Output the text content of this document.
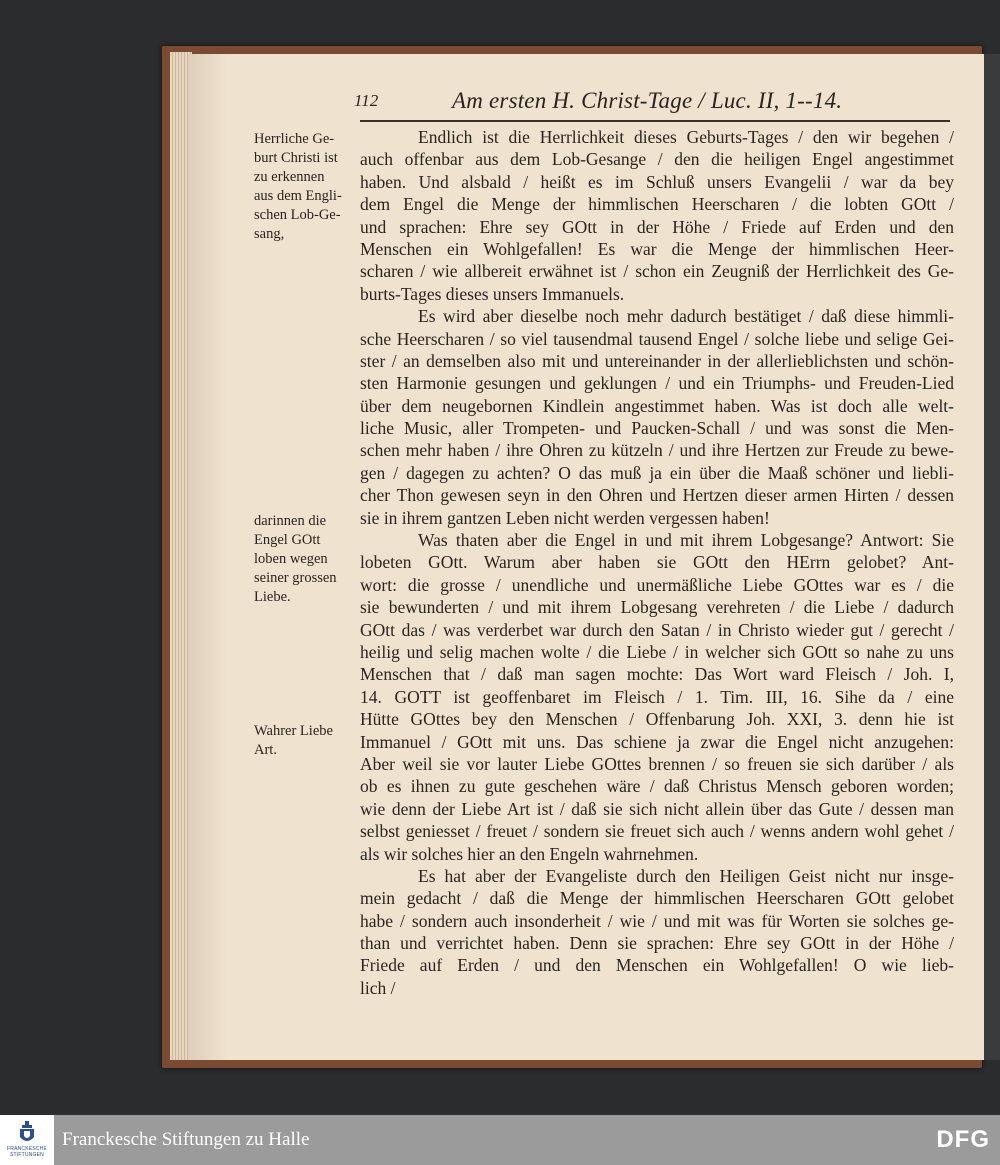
112	Am ersten H. Christ-Tage / Luc. II, 1--14.
Herrliche Ge-
burt Christi ist
zu erkennen
aus dem Engli-
schen Lob-Ge-
sang,
darinnen die
Engel GOtt
loben wegen
seiner grossen
Liebe.
Wahrer Liebe
Art.
Endlich ist die Herrlichkeit dieses Geburts-Tages / den wir begehen /
auch offenbar aus dem Lob-Gesange / den die heiligen Engel angestimmet
haben. Und alsbald / heißt es im Schluß unsers Evangelii / war da bey
dem Engel die Menge der himmlischen Heerscharen / die lobten GOtt /
und sprachen: Ehre sey GOtt in der Höhe / Friede auf Erden und den
Menschen ein Wohlgefallen! Es war die Menge der himmlischen Heer-
scharen / wie allbereit erwähnet ist / schon ein Zeugniß der Herrlichkeit des Ge-
burts-Tages dieses unsers Immanuels.
Es wird aber dieselbe noch mehr dadurch bestätiget / daß diese himmli-
sche Heerscharen / so viel tausendmal tausend Engel / solche liebe und selige Gei-
ster / an demselben also mit und untereinander in der allerlieblichsten und schön-
sten Harmonie gesungen und geklungen / und ein Triumphs- und Freuden-Lied
über dem neugebornen Kindlein angestimmet haben. Was ist doch alle welt-
liche Music, aller Trompeten- und Paucken-Schall / und was sonst die Men-
schen mehr haben / ihre Ohren zu kützeln / und ihre Hertzen zur Freude zu bewe-
gen / dagegen zu achten? O das muß ja ein über die Maaß schöner und liebli-
cher Thon gewesen seyn in den Ohren und Hertzen dieser armen Hirten / dessen
sie in ihrem gantzen Leben nicht werden vergessen haben!
Was thaten aber die Engel in und mit ihrem Lobgesange? Antwort: Sie
lobeten GOtt. Warum aber haben sie GOtt den HErrn gelobet? Ant-
wort: die grosse / unendliche und unermäßliche Liebe GOttes war es / die
sie bewunderten / und mit ihrem Lobgesang verehreten / die Liebe / dadurch
GOtt das / was verderbet war durch den Satan / in Christo wieder gut / gerecht /
heilig und selig machen wolte / die Liebe / in welcher sich GOtt so nahe zu uns
Menschen that / daß man sagen mochte: Das Wort ward Fleisch / Joh. I,
14. GOTT ist geoffenbaret im Fleisch / 1. Tim. III, 16. Sihe da / eine
Hütte GOttes bey den Menschen / Offenbarung Joh. XXI, 3. denn hie ist
Immanuel / GOtt mit uns. Das schiene ja zwar die Engel nicht anzugehen:
Aber weil sie vor lauter Liebe GOttes brennen / so freuen sie sich darüber / als
ob es ihnen zu gute geschehen wäre / daß Christus Mensch geboren worden;
wie denn der Liebe Art ist / daß sie sich nicht allein über das Gute / dessen man
selbst geniesset / freuet / sondern sie freuet sich auch / wenns andern wohl gehet /
als wir solches hier an den Engeln wahrnehmen.
Es hat aber der Evangeliste durch den Heiligen Geist nicht nur insge-
mein gedacht / daß die Menge der himmlischen Heerscharen GOtt gelobet
habe / sondern auch insonderheit / wie / und mit was für Worten sie solches ge-
than und verrichtet haben. Denn sie sprachen: Ehre sey GOtt in der Höhe /
Friede auf Erden / und den Menschen ein Wohlgefallen! O wie lieb-
lich /
FRANCKESCHE STIFTUNGEN
Franckesche Stiftungen zu Halle	DFG
